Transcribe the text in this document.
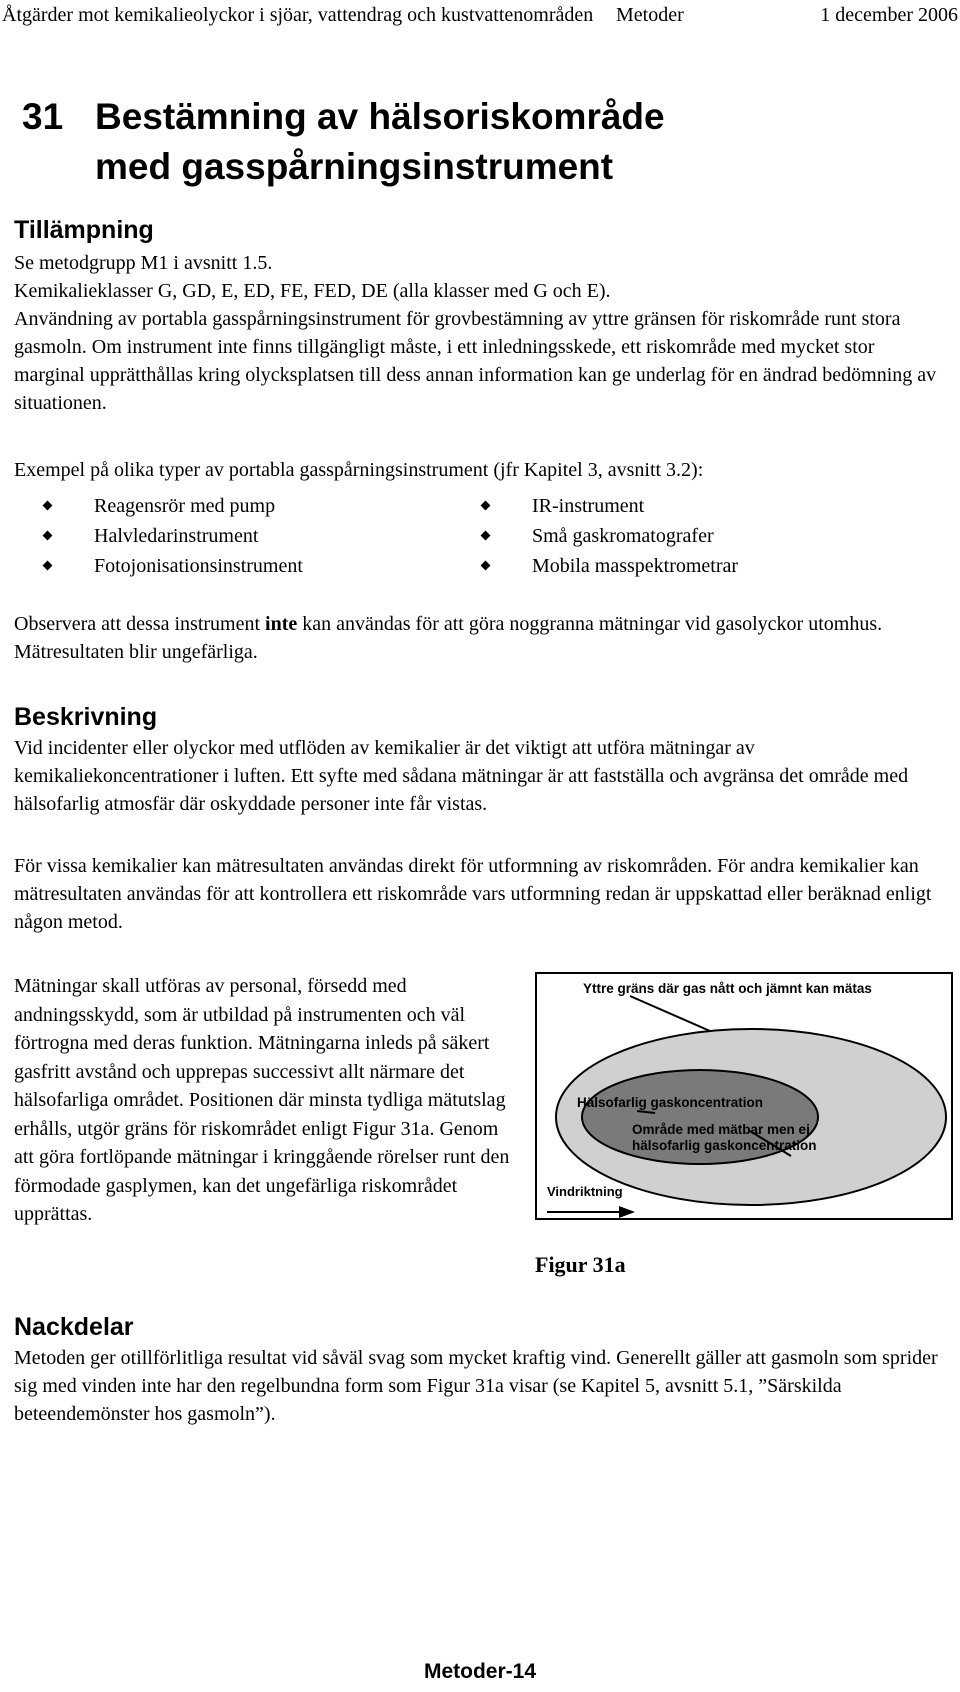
Åtgärder mot kemikalieolyckor i sjöar, vattendrag och kustvattenområden Metoder	1 december 2006
31 Bestämning av hälsoriskområde
med gasspårningsinstrument
Tillämpning

Se metodgrupp M1 i avsnitt 1.5.

Kemikalieklasser G, GD, E, ED, FE, FED, DE (alla klasser med G och E).

Användning av portabla gasspårningsinstrument för grovbestämning av yttre gränsen för riskområde runt stora gasmoln. Om instrument inte finns tillgängligt måste, i ett inledningsskede, ett riskområde med mycket stor marginal upprätthållas kring olycksplatsen till dess annan information kan ge underlag för en ändrad bedömning av situationen.

Exempel på olika typer av portabla gasspårningsinstrument (jfr Kapitel 3, avsnitt 3.2):
Reagensrör med pump
Halvledarinstrument
Fotojonisationsinstrument
IR-instrument
Små gaskromatografer
Mobila masspektrometrar

Observera att dessa instrument inte kan användas för att göra noggranna mätningar vid gasolyckor utomhus. Mätresultaten blir ungefärliga.

Beskrivning
Vid incidenter eller olyckor med utflöden av kemikalier är det viktigt att utföra mätningar av kemikaliekoncentrationer i luften. Ett syfte med sådana mätningar är att fastställa och avgränsa det område med hälsofarlig atmosfär där oskyddade personer inte får vistas.
För vissa kemikalier kan mätresultaten användas direkt för utformning av riskområden. För andra kemikalier kan mätresultaten användas för att kontrollera ett riskområde vars utformning redan är uppskattad eller beräknad enligt någon metod.
Mätningar skall utföras av personal, försedd med andningsskydd, som är utbildad på instrumenten och väl förtrogna med deras funktion. Mätningarna inleds på säkert gasfritt avstånd och upprepas successivt allt närmare det hälsofarliga området. Positionen där minsta tydliga mätutslag erhålls, utgör gräns för riskområdet enligt Figur 31a. Genom att göra fortlöpande mätningar i kringgående rörelser runt den förmodade gasplymen, kan det ungefärliga riskområdet upprättas.
Yttre gräns där gas nått och jämnt kan mätas
Hälsofarlig gaskoncentration
Område med mätbar men ej
hälsofarlig gaskoncentration
Vindriktning
Figur 31a
Nackdelar
Metoden ger otillförlitliga resultat vid såväl svag som mycket kraftig vind. Generellt gäller att gasmoln som sprider sig med vinden inte har den regelbundna form som Figur 31a visar (se Kapitel 5, avsnitt 5.1, ”Särskilda beteendemönster hos gasmoln”).
Metoder-14
